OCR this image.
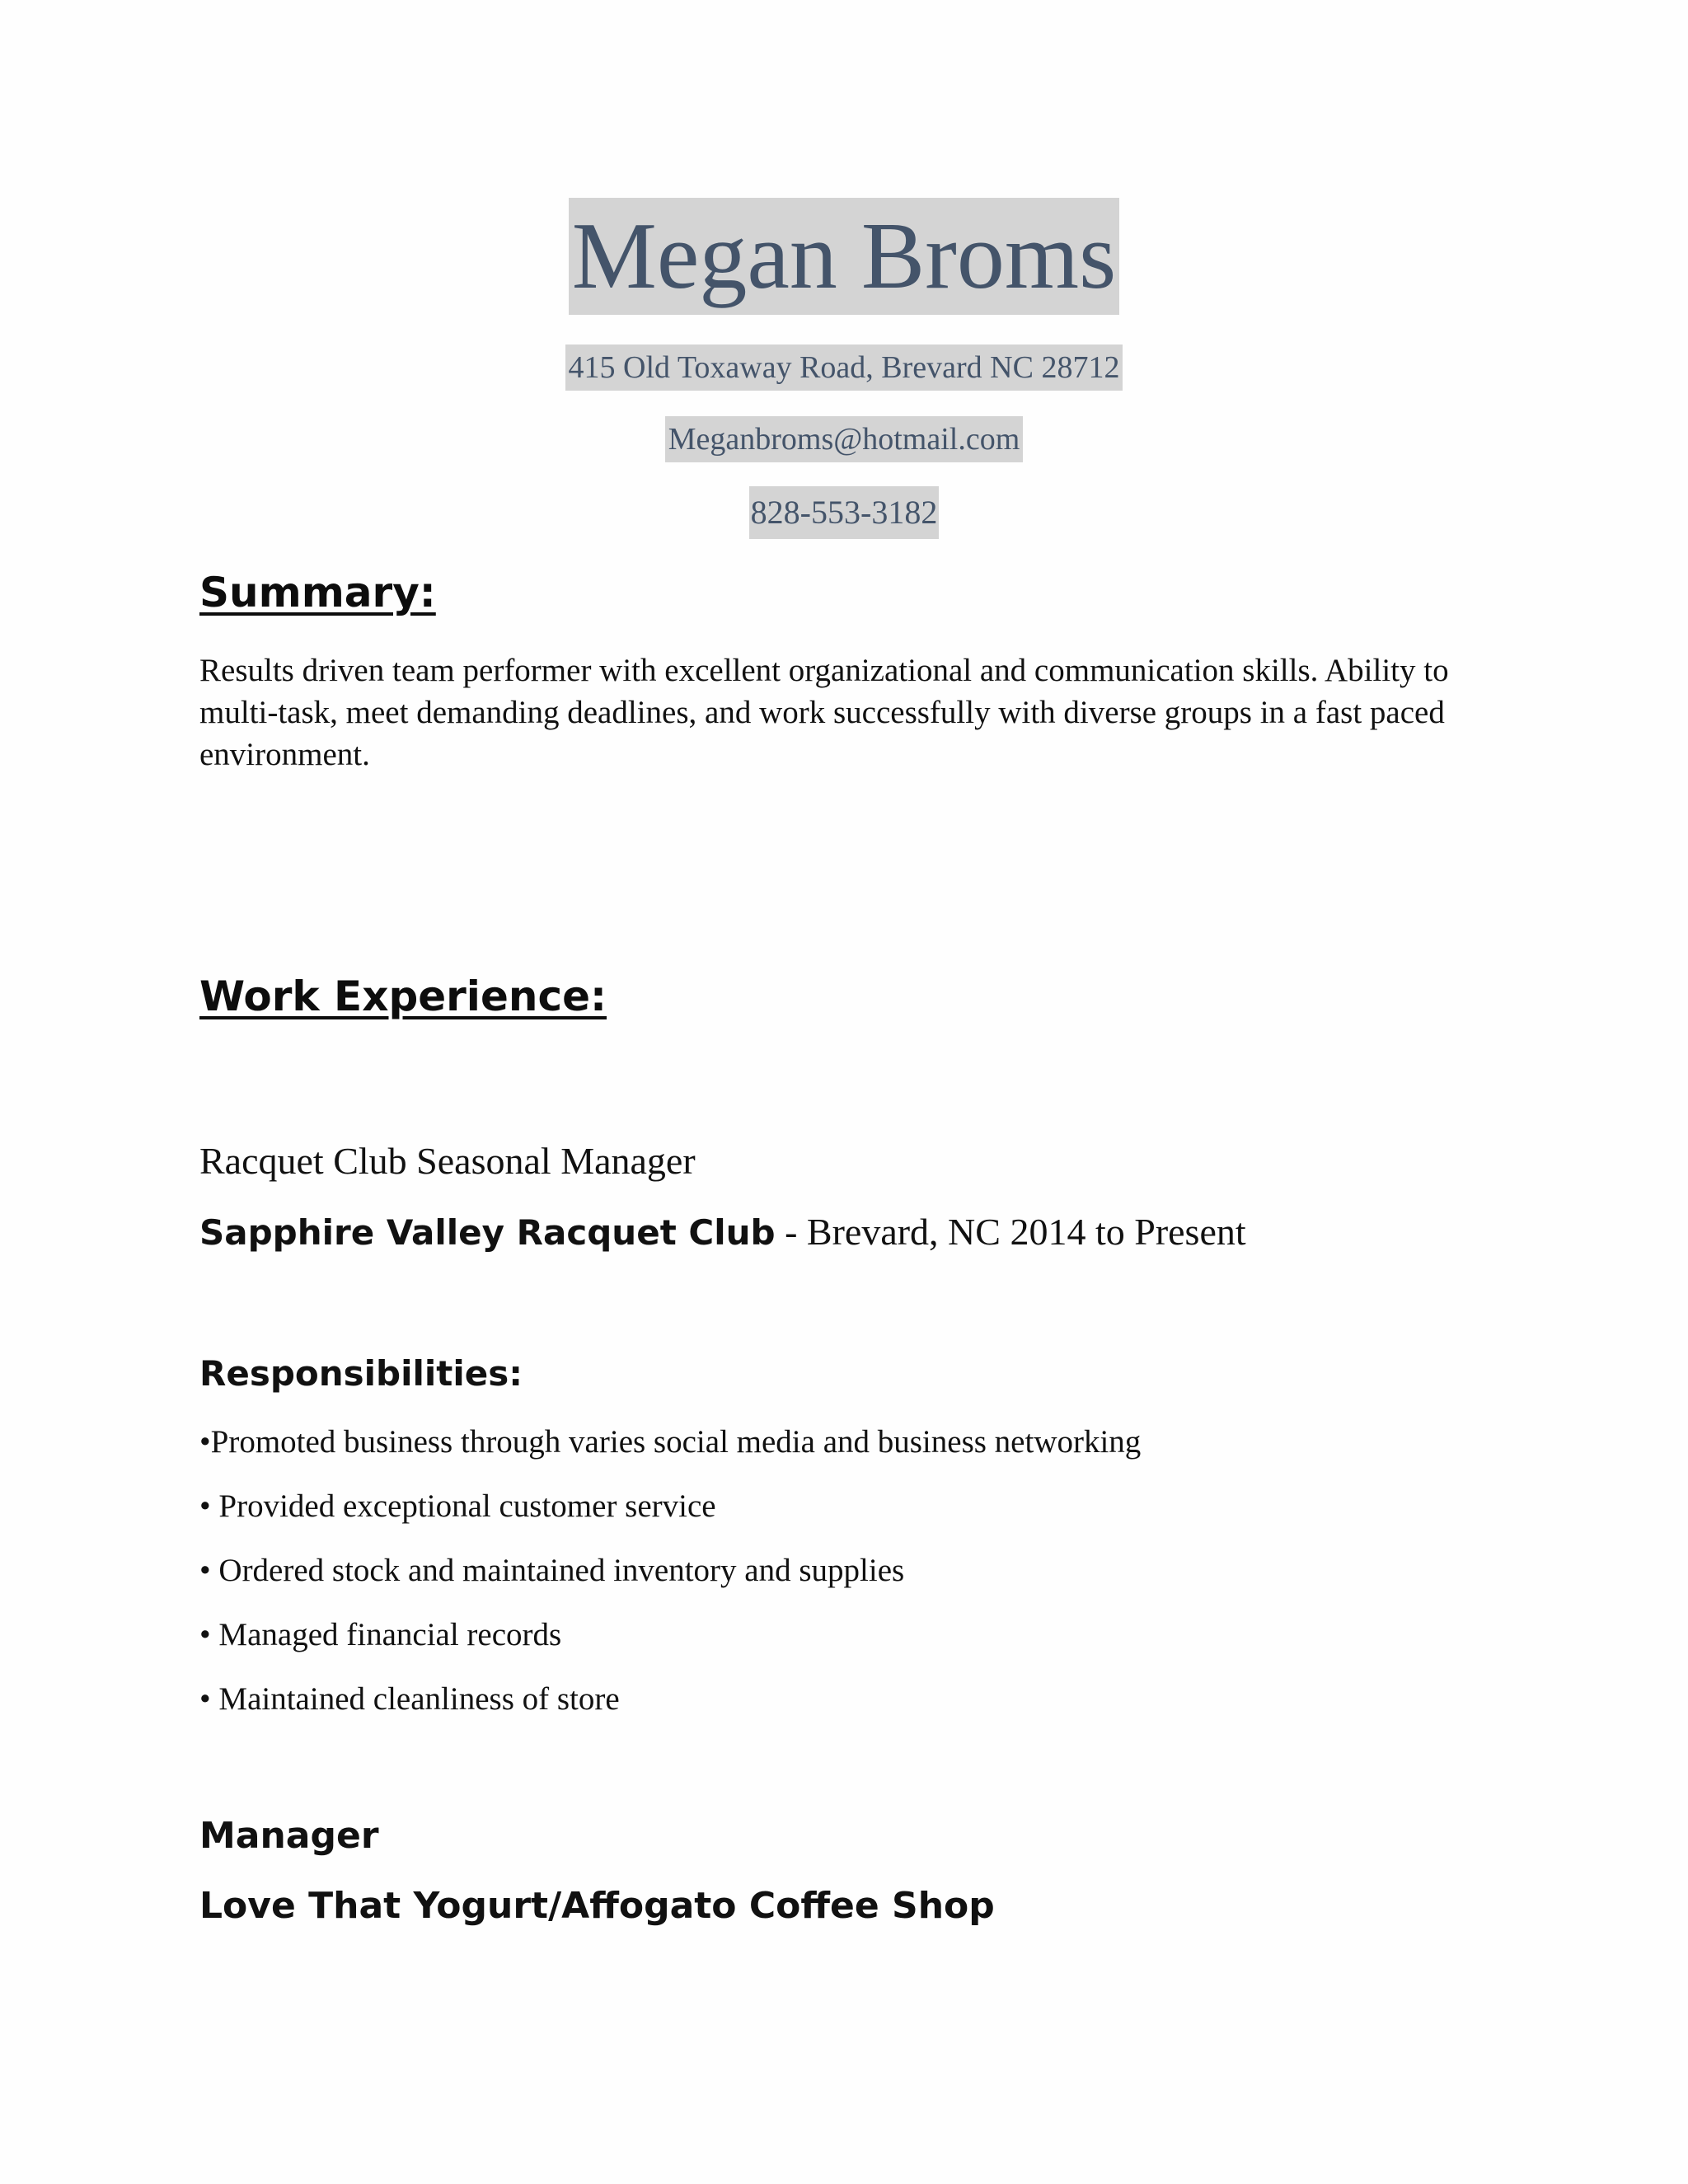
Megan Broms
415 Old Toxaway Road, Brevard NC 28712
Meganbroms@hotmail.com
828-553-3182
Summary:

Results driven team performer with excellent organizational and communication skills. Ability to multi-task, meet demanding deadlines, and work successfully with diverse groups in a fast paced environment.

Work Experience:

Racquet Club Seasonal Manager

Sapphire Valley Racquet Club - Brevard, NC 2014 to Present

Responsibilities:

•Promoted business through varies social media and business networking
• Provided exceptional customer service
• Ordered stock and maintained inventory and supplies
• Managed financial records
• Maintained cleanliness of store

Manager

Love That Yogurt/Affogato Coffee Shop
